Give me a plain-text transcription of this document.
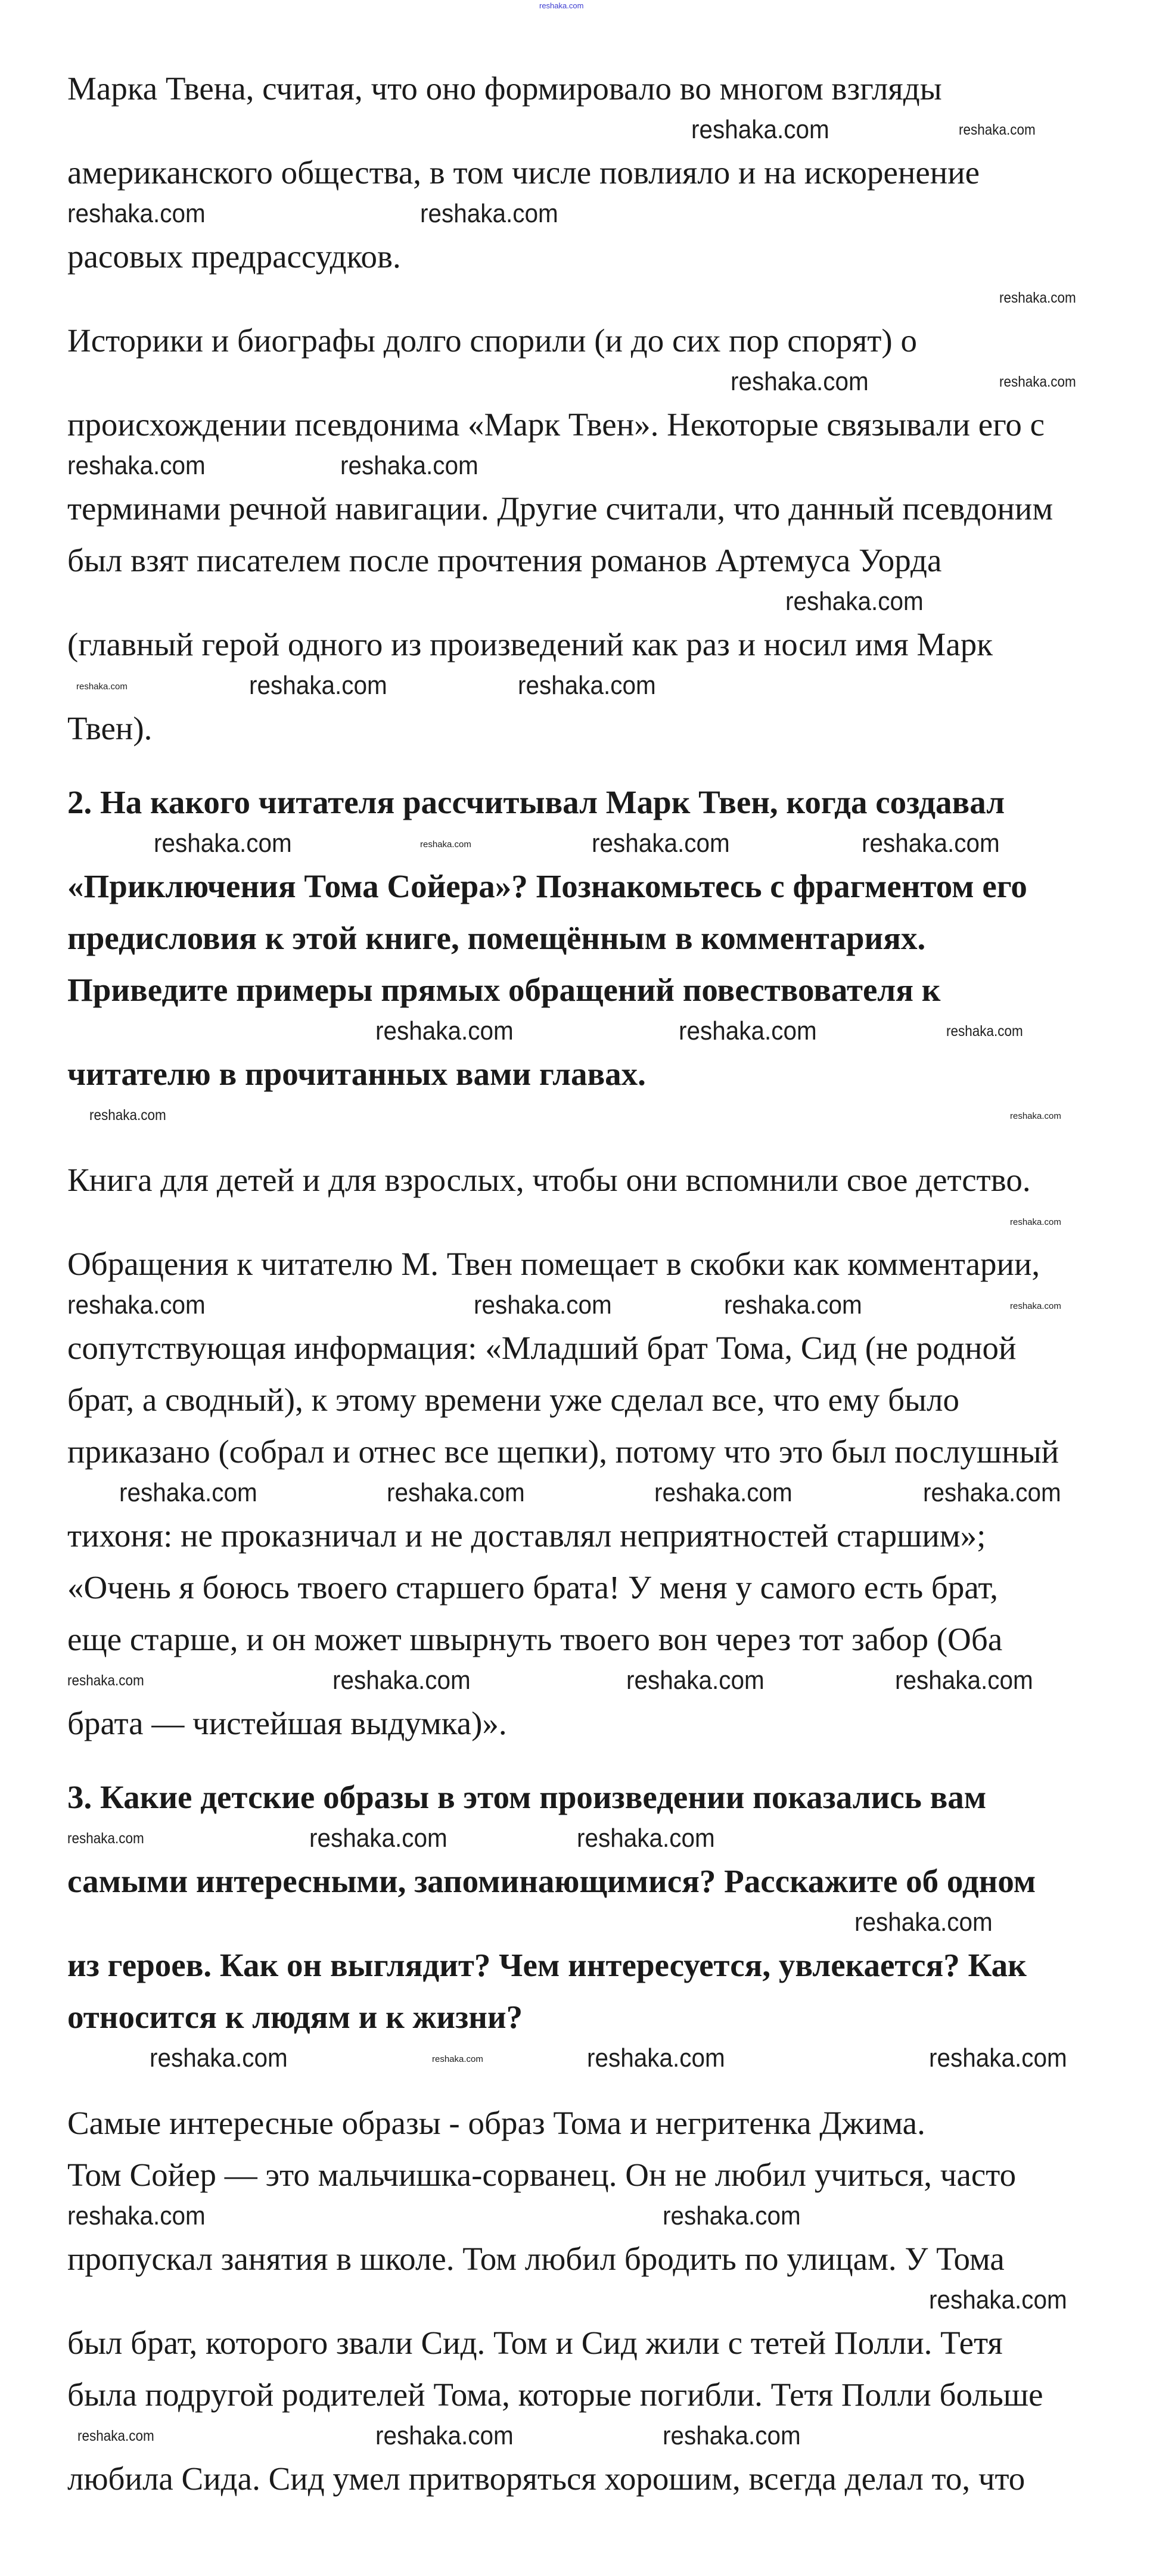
reshaka.com
Марка Твена, считая, что оно формировало во многом взгляды
reshaka.com	reshaka.com
американского общества, в том числе повлияло и на искоренение
reshaka.com	reshaka.com
расовых предрассудков.
reshaka.com
Историки и биографы долго спорили (и до сих пор спорят) о
reshaka.com	reshaka.com
происхождении псевдонима «Марк Твен». Некоторые связывали его с
reshaka.com	reshaka.com
терминами речной навигации. Другие считали, что данный псевдоним
был взят писателем после прочтения романов Артемуса Уорда
reshaka.com
(главный герой одного из произведений как раз и носил имя Марк
reshaka.com	reshaka.com	reshaka.com
Твен).
2. На какого читателя рассчитывал Марк Твен, когда создавал
reshaka.com	reshaka.com	reshaka.com	reshaka.com
«Приключения Тома Сойера»? Познакомьтесь с фрагментом его
предисловия к этой книге, помещённым в комментариях.
Приведите примеры прямых обращений повествователя к
reshaka.com	reshaka.com	reshaka.com
читателю в прочитанных вами главах.
reshaka.com	reshaka.com
Книга для детей и для взрослых, чтобы они вспомнили свое детство.
reshaka.com
Обращения к читателю М. Твен помещает в скобки как комментарии,
reshaka.com	reshaka.com	reshaka.com	reshaka.com
сопутствующая информация: «Младший брат Тома, Сид (не родной
брат, а сводный), к этому времени уже сделал все, что ему было
приказано (собрал и отнес все щепки), потому что это был послушный
reshaka.com	reshaka.com	reshaka.com	reshaka.com
тихоня: не проказничал и не доставлял неприятностей старшим»;
«Очень я боюсь твоего старшего брата! У меня у самого есть брат,
еще старше, и он может швырнуть твоего вон через тот забор (Оба
reshaka.com	reshaka.com	reshaka.com	reshaka.com
брата — чистейшая выдумка)».
3. Какие детские образы в этом произведении показались вам
reshaka.com	reshaka.com	reshaka.com
самыми интересными, запоминающимися? Расскажите об одном
reshaka.com
из героев. Как он выглядит? Чем интересуется, увлекается? Как
относится к людям и к жизни?
reshaka.com	reshaka.com	reshaka.com	reshaka.com
Самые интересные образы - образ Тома и негритенка Джима.
Том Сойер — это мальчишка-сорванец. Он не любил учиться, часто
reshaka.com	reshaka.com
пропускал занятия в школе. Том любил бродить по улицам. У Тома
reshaka.com
был брат, которого звали Сид. Том и Сид жили с тетей Полли. Тетя
была подругой родителей Тома, которые погибли. Тетя Полли больше
reshaka.com	reshaka.com	reshaka.com
любила Сида. Сид умел притворяться хорошим, всегда делал то, что
